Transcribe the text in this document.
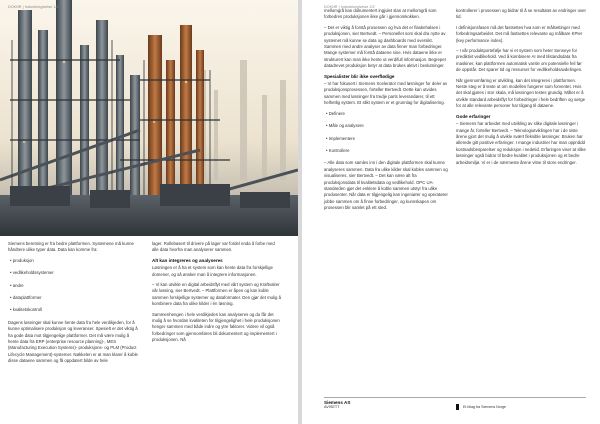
Siemens beretning er fra bedre plattformen. Systemene må kunne håndtere ulike typer data. Data kan komme fra:

• produksjon
• vedlikeholdssystemer
• andre
• dataplattformer
• kvalitetskontroll

Dagens løsninger skal kunne hente data fra hele verdikjeden, for å kunne optimalisere produksjon og leveranser. Spesielt er det viktig å ha gode data mot tilgjengelige plattformer. Det må være mulig å hente data fra ERP (enterprise resource planning)-, MES (Manufacturing Execution Systems)- produksjons- og PLM (Product Lifecycle Management)-systemer. Nøkkelen er at man klarer å koble disse dataene sammen og få oppdatert bilde av hele

lager. Rollebasert til drivere på lager var fordel enda å forbe med alle data hvorfra man analyserer sammen.

Alt kan integreres og analyseres

Løsningen er å ha et system som kan hente data fra forskjellige domener, og så ønsker man å integrere informasjonen.

– Vi kan utvikle en digital arbeidsflyt med vårt system og Kraftvalrer vår løsning, sier Bertvedt. – Plattformen er åpen og kan koble sammen forskjellige systemer og dataformater. Den gjør det mulig å kombinere data fra ulike kilder i én løsning.

Sammenhengen i hele verdikjeden kan analyseres og du får det mulig å se hvordan kvaliteten for tilgjengelighet i hele produksjonen henger sammen med både indre og ytre faktorer. Videre vil også forbedringer som gjennomføres bli dokumentert og implementert i produksjonen. Nå

mellomgrå kan dokumentert ingjulet slan at mellomgrå som forbedres produksjonen ikke går i gjennomkokken.

– Det er viktig å forstå prosessen og hva det er flaskehalsen i produksjonen, sier Bertvedt. – Personellet som skal dra nytte av systemet må kunne se data og dashboards med oversikt. Sammen med andre analyser av data finner man forbedringer. Mange systemer må forstå dataene sine. Hvis dataene ikke er strukturert kan man ikke hente ut verdifull informasjon. Begrepet datadrevet produksjon betyr at data brukes aktivt i beslutninger.

Spesialister blir ikke overflødige

– Vi har fokusert i Siemens Xcelerator med løsninger for deler av produksjonsprosessen, forteller Bertvedt. Dette kan utvides sammen med løsninger fra tredje parts leverandører, til ett helhetlig system. Et slikt system er et grunnlag for digitalisering.

• Definere
• Måle og analysere
• Implementere
• Kontrollere

– Alle data som samles inn i den digitale plattformen skal kunne analyseres sammen. Data fra ulike kilder skal kobles sammen og visualiseres, sier Bertvedt. – Det kan være alt fra produksjonsdata til kvalitetsdata og vedlikehold. OPC UA-standarden gjør det enklere å koble sammen utstyr fra ulike produsenter. Når data er tilgjengelig kan ingeniører og operatører jobbe sammen om å finne forbedringer, og kunnskapen om prosessen blir samlet på ett sted.

kontrollerer i prosessen og bidrar til å se resultatet av endringer over tid.

I definisjonsfasen må det fastsettes hva som er målsettinger med forbedringsarbeidet. Det må fastsettes relevante og målbare KPIer (key performance index).

– I vår produktportefølje har vi et system som heter Senseye for prediktivt vedlikehold. Ved å kombinere AI med tilstandsdata fra maskiner, kan plattformen automatisk varsle om potensielle feil før de oppstår. Det sparer tid og ressurser for vedlikeholdsavdelingen.

Når gjennomføring er utvikling, kan det integreres i plattformen. Neste steg er å teste ut om modellen fungerer som forventet. Hvis det skal gjøres i stor skala, må løsningen testes grundig. Målet er å utvikle standard arbeidsflyt for forbedringer i hele bedriften og sørge for at alle relevante personer har tilgang til dataene.

Gode erfaringer

– Siemens har arbeidet med utvikling av slike digitale løsninger i mange år, forteller Bertvedt. – Teknologiutviklingen har i de siste årene gjort det mulig å utvikle svært fleksible løsninger. Bruken har allerede gitt positive erfaringer. I mange industrier har man oppnådd kostnadsbesparelser og reduksjon i nedetid. Erfaringen viser at slike løsninger også bidrar til bedre kvalitet i produksjonen og et bedre arbeidsmiljø. Vi er i de nærmeste årene vitne til store endringer.

Siemens AS
AVISETT	Et bilag fra Siemens Norge
DOKNR | Industriutgivelse 1/2	DOKNR | Industriutgivelse 2/2
